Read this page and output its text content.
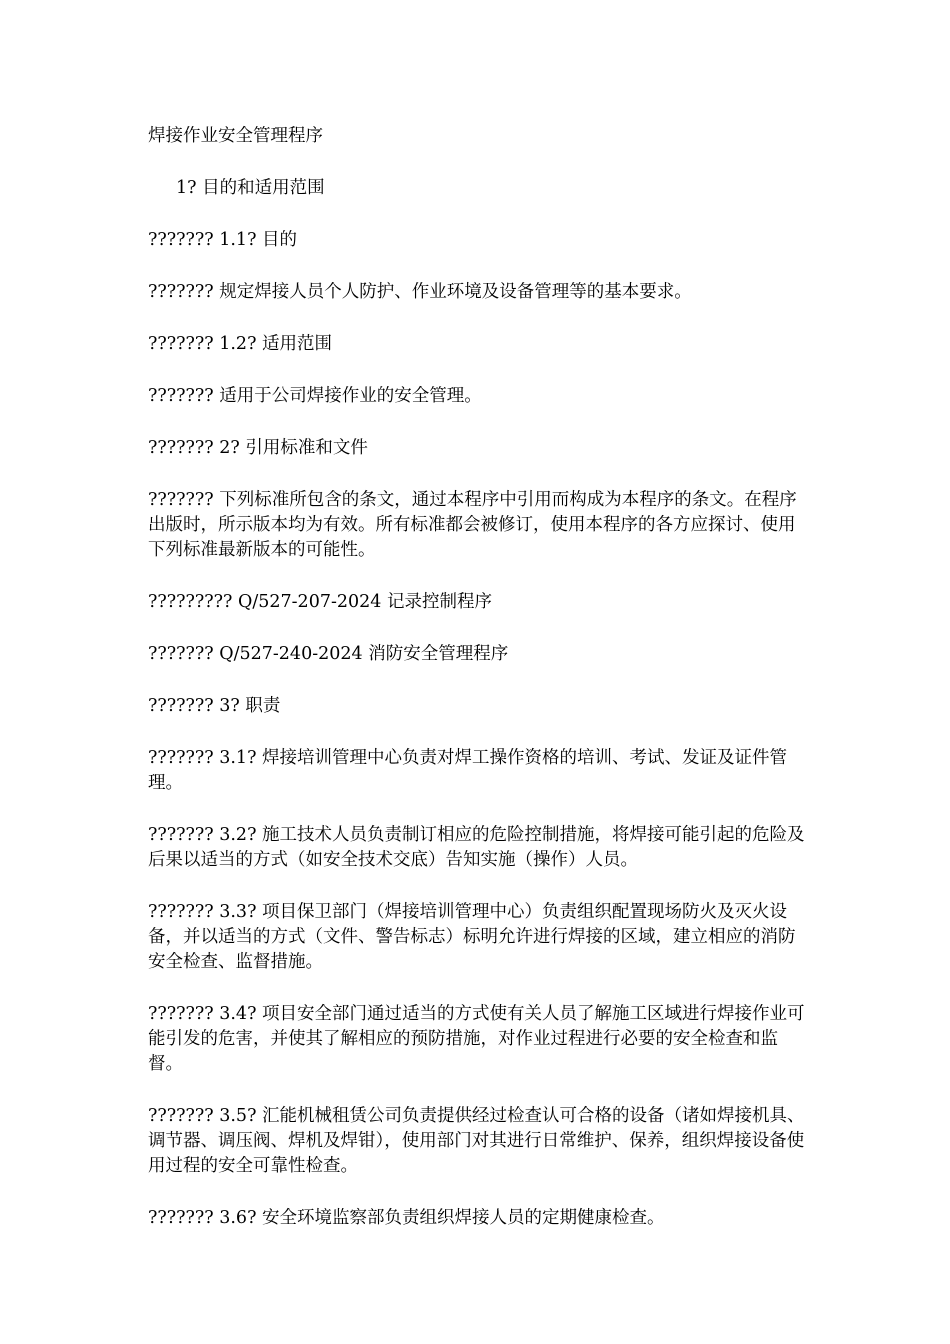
焊接作业安全管理程序

1? 目的和适用范围

??????? 1.1? 目的

??????? 规定焊接人员个人防护、作业环境及设备管理等的基本要求。

??????? 1.2? 适用范围

??????? 适用于公司焊接作业的安全管理。

??????? 2? 引用标准和文件

??????? 下列标准所包含的条文，通过本程序中引用而构成为本程序的条文。在程序出版时，所示版本均为有效。所有标准都会被修订，使用本程序的各方应探讨、使用下列标准最新版本的可能性。

????????? Q/527-207-2024 记录控制程序

??????? Q/527-240-2024 消防安全管理程序

??????? 3? 职责

??????? 3.1? 焊接培训管理中心负责对焊工操作资格的培训、考试、发证及证件管理。

??????? 3.2? 施工技术人员负责制订相应的危险控制措施，将焊接可能引起的危险及后果以适当的方式（如安全技术交底）告知实施（操作）人员。

??????? 3.3? 项目保卫部门（焊接培训管理中心）负责组织配置现场防火及灭火设备，并以适当的方式（文件、警告标志）标明允许进行焊接的区域，建立相应的消防安全检查、监督措施。

??????? 3.4? 项目安全部门通过适当的方式使有关人员了解施工区域进行焊接作业可能引发的危害，并使其了解相应的预防措施，对作业过程进行必要的安全检查和监督。

??????? 3.5? 汇能机械租赁公司负责提供经过检查认可合格的设备（诸如焊接机具、调节器、调压阀、焊机及焊钳），使用部门对其进行日常维护、保养，组织焊接设备使用过程的安全可靠性检查。

??????? 3.6? 安全环境监察部负责组织焊接人员的定期健康检查。
